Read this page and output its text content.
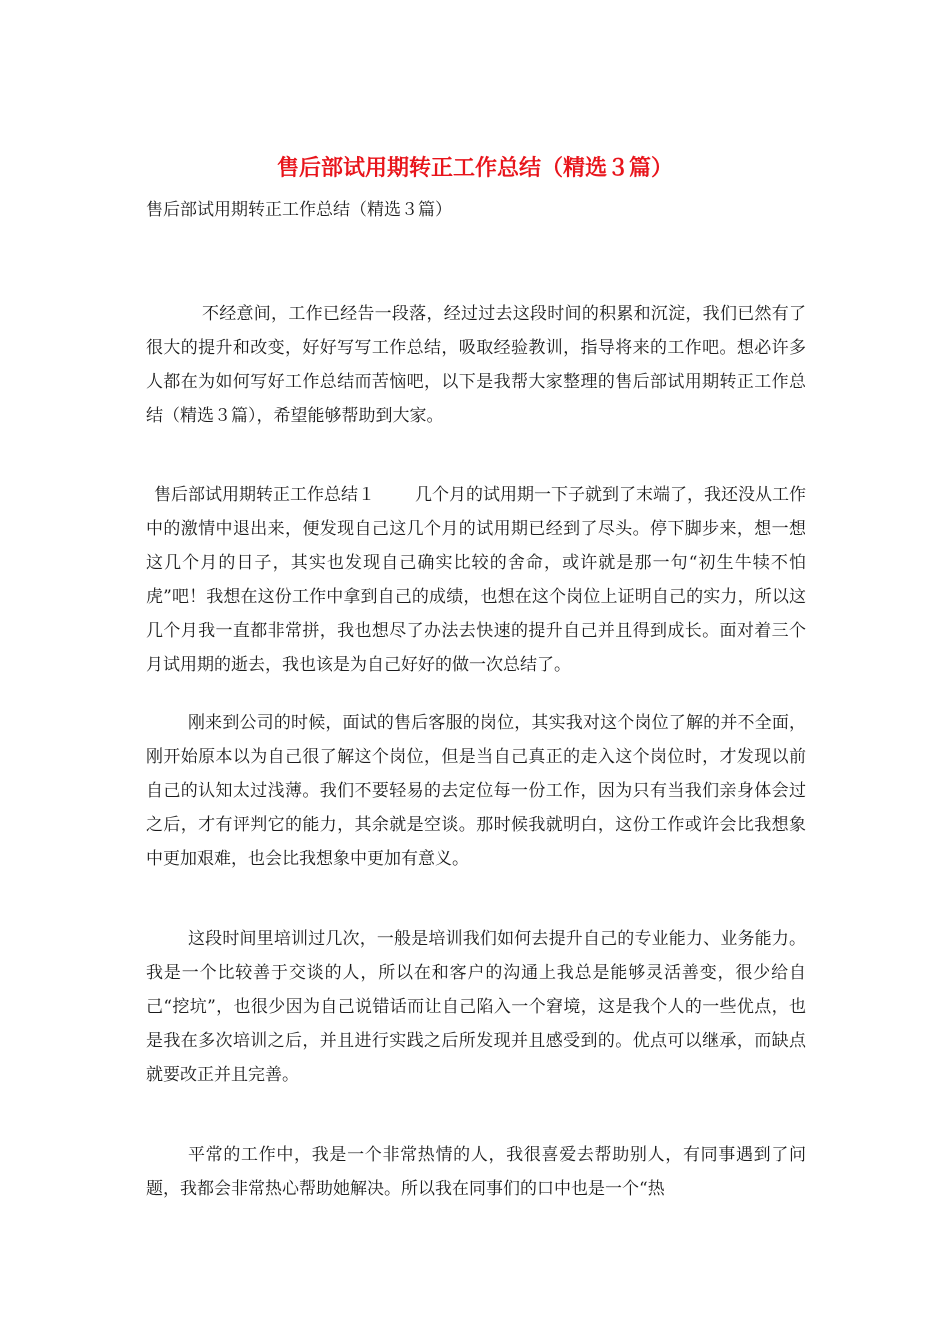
售后部试用期转正工作总结（精选３篇）
售后部试用期转正工作总结（精选３篇）

不经意间，工作已经告一段落，经过过去这段时间的积累和沉淀，我们已然有了很大的提升和改变，好好写写工作总结，吸取经验教训，指导将来的工作吧。想必许多人都在为如何写好工作总结而苦恼吧，以下是我帮大家整理的售后部试用期转正工作总结（精选３篇），希望能够帮助到大家。

售后部试用期转正工作总结１ 几个月的试用期一下子就到了末端了，我还没从工作中的激情中退出来，便发现自己这几个月的试用期已经到了尽头。停下脚步来，想一想这几个月的日子，其实也发现自己确实比较的舍命，或许就是那一句“初生牛犊不怕虎”吧！我想在这份工作中拿到自己的成绩，也想在这个岗位上证明自己的实力，所以这几个月我一直都非常拼，我也想尽了办法去快速的提升自己并且得到成长。面对着三个月试用期的逝去，我也该是为自己好好的做一次总结了。

刚来到公司的时候，面试的售后客服的岗位，其实我对这个岗位了解的并不全面，刚开始原本以为自己很了解这个岗位，但是当自己真正的走入这个岗位时，才发现以前自己的认知太过浅薄。我们不要轻易的去定位每一份工作，因为只有当我们亲身体会过之后，才有评判它的能力，其余就是空谈。那时候我就明白，这份工作或许会比我想象中更加艰难，也会比我想象中更加有意义。

这段时间里培训过几次，一般是培训我们如何去提升自己的专业能力、业务能力。我是一个比较善于交谈的人，所以在和客户的沟通上我总是能够灵活善变，很少给自己“挖坑”，也很少因为自己说错话而让自己陷入一个窘境，这是我个人的一些优点，也是我在多次培训之后，并且进行实践之后所发现并且感受到的。优点可以继承，而缺点就要改正并且完善。

平常的工作中，我是一个非常热情的人，我很喜爱去帮助别人，有同事遇到了问题，我都会非常热心帮助她解决。所以我在同事们的口中也是一个“热
